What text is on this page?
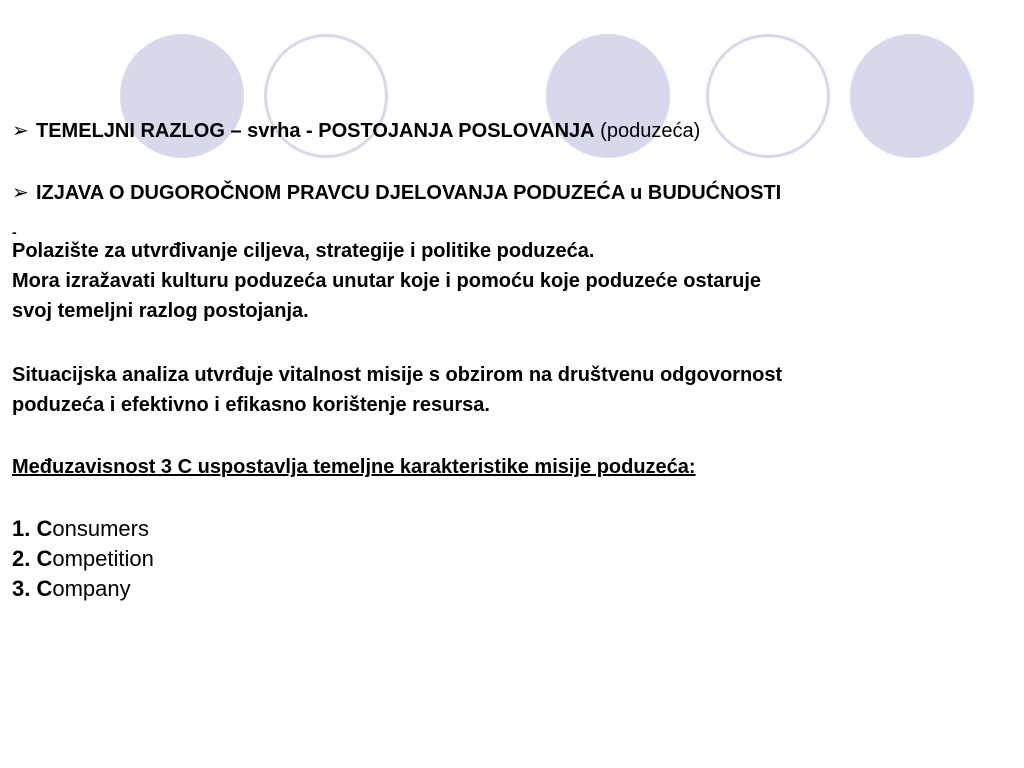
➢ TEMELJNI RAZLOG – svrha - POSTOJANJA POSLOVANJA (poduzeća)
➢ IZJAVA O DUGOROČNOM PRAVCU DJELOVANJA PODUZEĆA u BUDUĆNOSTI
-
Polazište za utvrđivanje ciljeva, strategije i politike poduzeća.
Mora izražavati kulturu poduzeća unutar koje i pomoću koje poduzeće ostaruje
svoj temeljni razlog postojanja.
Situacijska analiza utvrđuje vitalnost misije s obzirom na društvenu odgovornost
poduzeća i efektivno i efikasno korištenje resursa.
Međuzavisnost 3 C uspostavlja temeljne karakteristike misije poduzeća:
1. Consumers
2. Competition
3. Company
